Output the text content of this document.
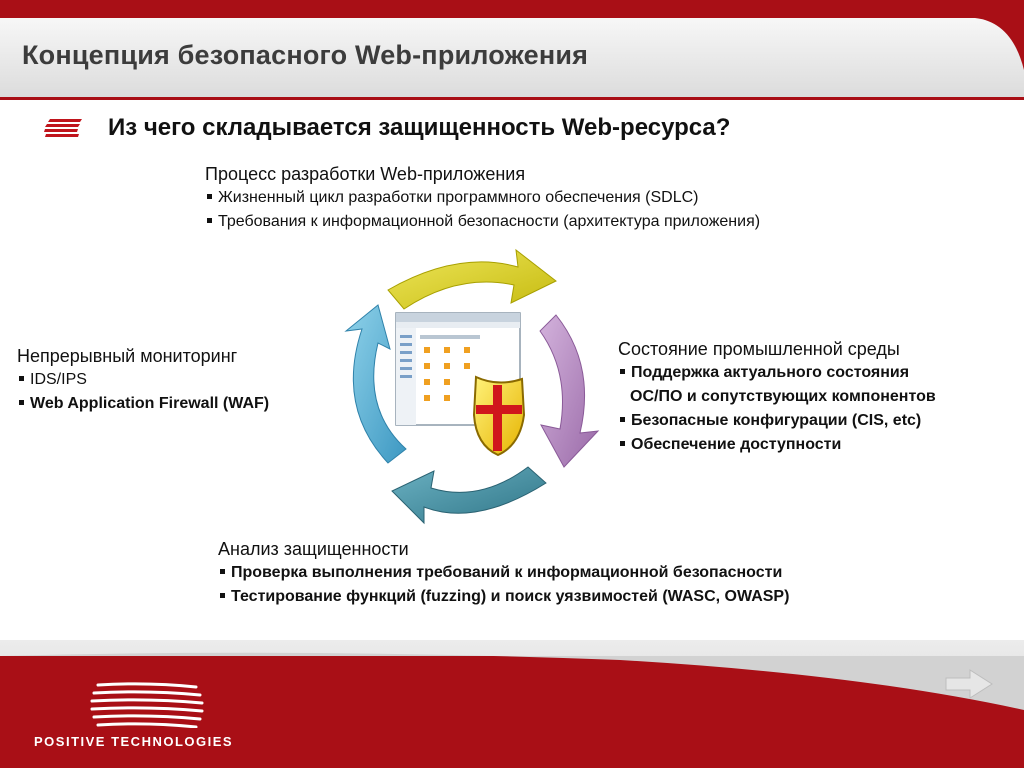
Концепция безопасного Web-приложения
Из чего складывается защищенность Web-ресурса?
Процесс разработки Web-приложения
Жизненный цикл разработки программного обеспечения (SDLC)
Требования к информационной безопасности (архитектура приложения)
Непрерывный мониторинг
IDS/IPS
Web Application Firewall (WAF)
Состояние промышленной среды
Поддержка актуального состояния
ОС/ПО и сопутствующих компонентов
Безопасные конфигурации (CIS, etc)
Обеспечение доступности
Анализ защищенности
Проверка выполнения требований к информационной безопасности
Тестирование функций (fuzzing) и поиск уязвимостей (WASC, OWASP)
POSITIVE TECHNOLOGIES
